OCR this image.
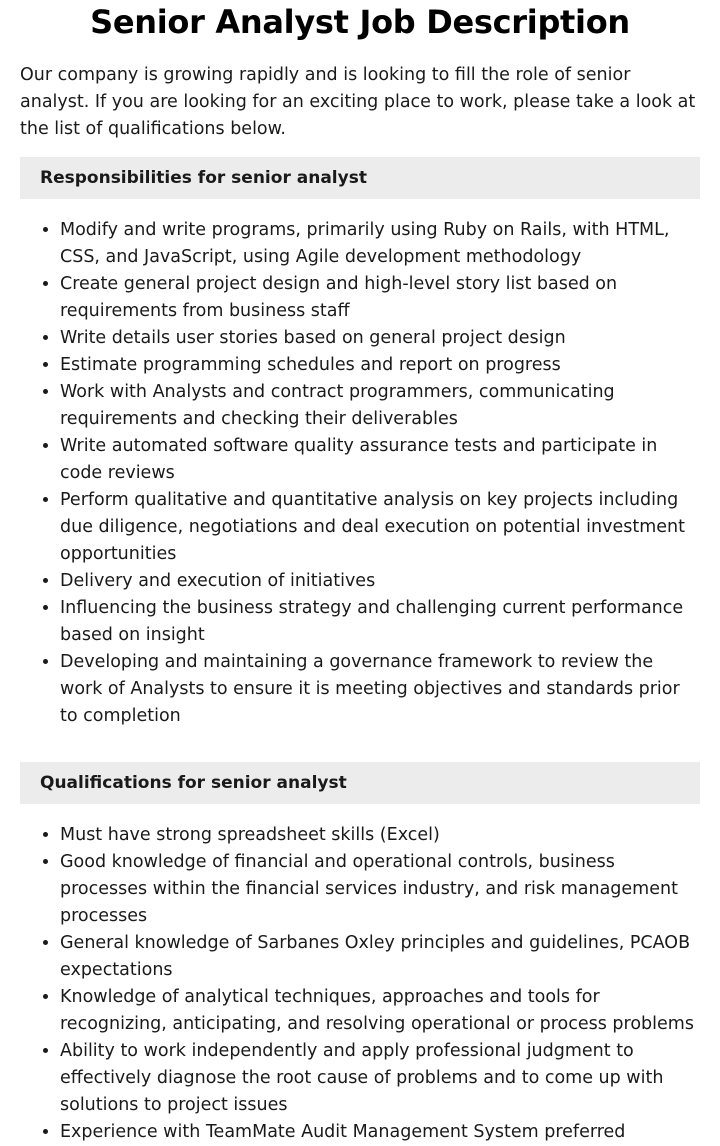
Senior Analyst Job Description

Our company is growing rapidly and is looking to fill the role of senior analyst. If you are looking for an exciting place to work, please take a look at the list of qualifications below.

Responsibilities for senior analyst
• Modify and write programs, primarily using Ruby on Rails, with HTML, CSS, and JavaScript, using Agile development methodology
• Create general project design and high-level story list based on requirements from business staff
• Write details user stories based on general project design
• Estimate programming schedules and report on progress
• Work with Analysts and contract programmers, communicating requirements and checking their deliverables
• Write automated software quality assurance tests and participate in code reviews
• Perform qualitative and quantitative analysis on key projects including due diligence, negotiations and deal execution on potential investment opportunities
• Delivery and execution of initiatives
• Influencing the business strategy and challenging current performance based on insight
• Developing and maintaining a governance framework to review the work of Analysts to ensure it is meeting objectives and standards prior to completion
Qualifications for senior analyst
• Must have strong spreadsheet skills (Excel)
• Good knowledge of financial and operational controls, business processes within the financial services industry, and risk management processes
• General knowledge of Sarbanes Oxley principles and guidelines, PCAOB expectations
• Knowledge of analytical techniques, approaches and tools for recognizing, anticipating, and resolving operational or process problems
• Ability to work independently and apply professional judgment to effectively diagnose the root cause of problems and to come up with solutions to project issues
• Experience with TeamMate Audit Management System preferred
